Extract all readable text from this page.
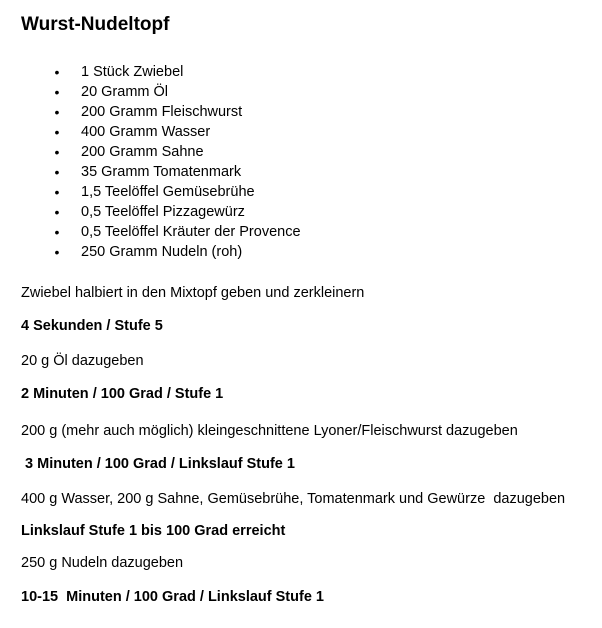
Wurst-Nudeltopf
•	1 Stück Zwiebel
•	20 Gramm Öl
•	200 Gramm Fleischwurst
•	400 Gramm Wasser
•	200 Gramm Sahne
•	35 Gramm Tomatenmark
•	1,5 Teelöffel Gemüsebrühe
•	0,5 Teelöffel Pizzagewürz
•	0,5 Teelöffel Kräuter der Provence
•	250 Gramm Nudeln (roh)
Zwiebel halbiert in den Mixtopf geben und zerkleinern
4 Sekunden / Stufe 5
20 g Öl dazugeben
2 Minuten / 100 Grad / Stufe 1
200 g (mehr auch möglich) kleingeschnittene Lyoner/Fleischwurst dazugeben
3 Minuten / 100 Grad / Linkslauf Stufe 1
400 g Wasser, 200 g Sahne, Gemüsebrühe, Tomatenmark und Gewürze  dazugeben
Linkslauf Stufe 1 bis 100 Grad erreicht
250 g Nudeln dazugeben
10-15  Minuten / 100 Grad / Linkslauf Stufe 1
